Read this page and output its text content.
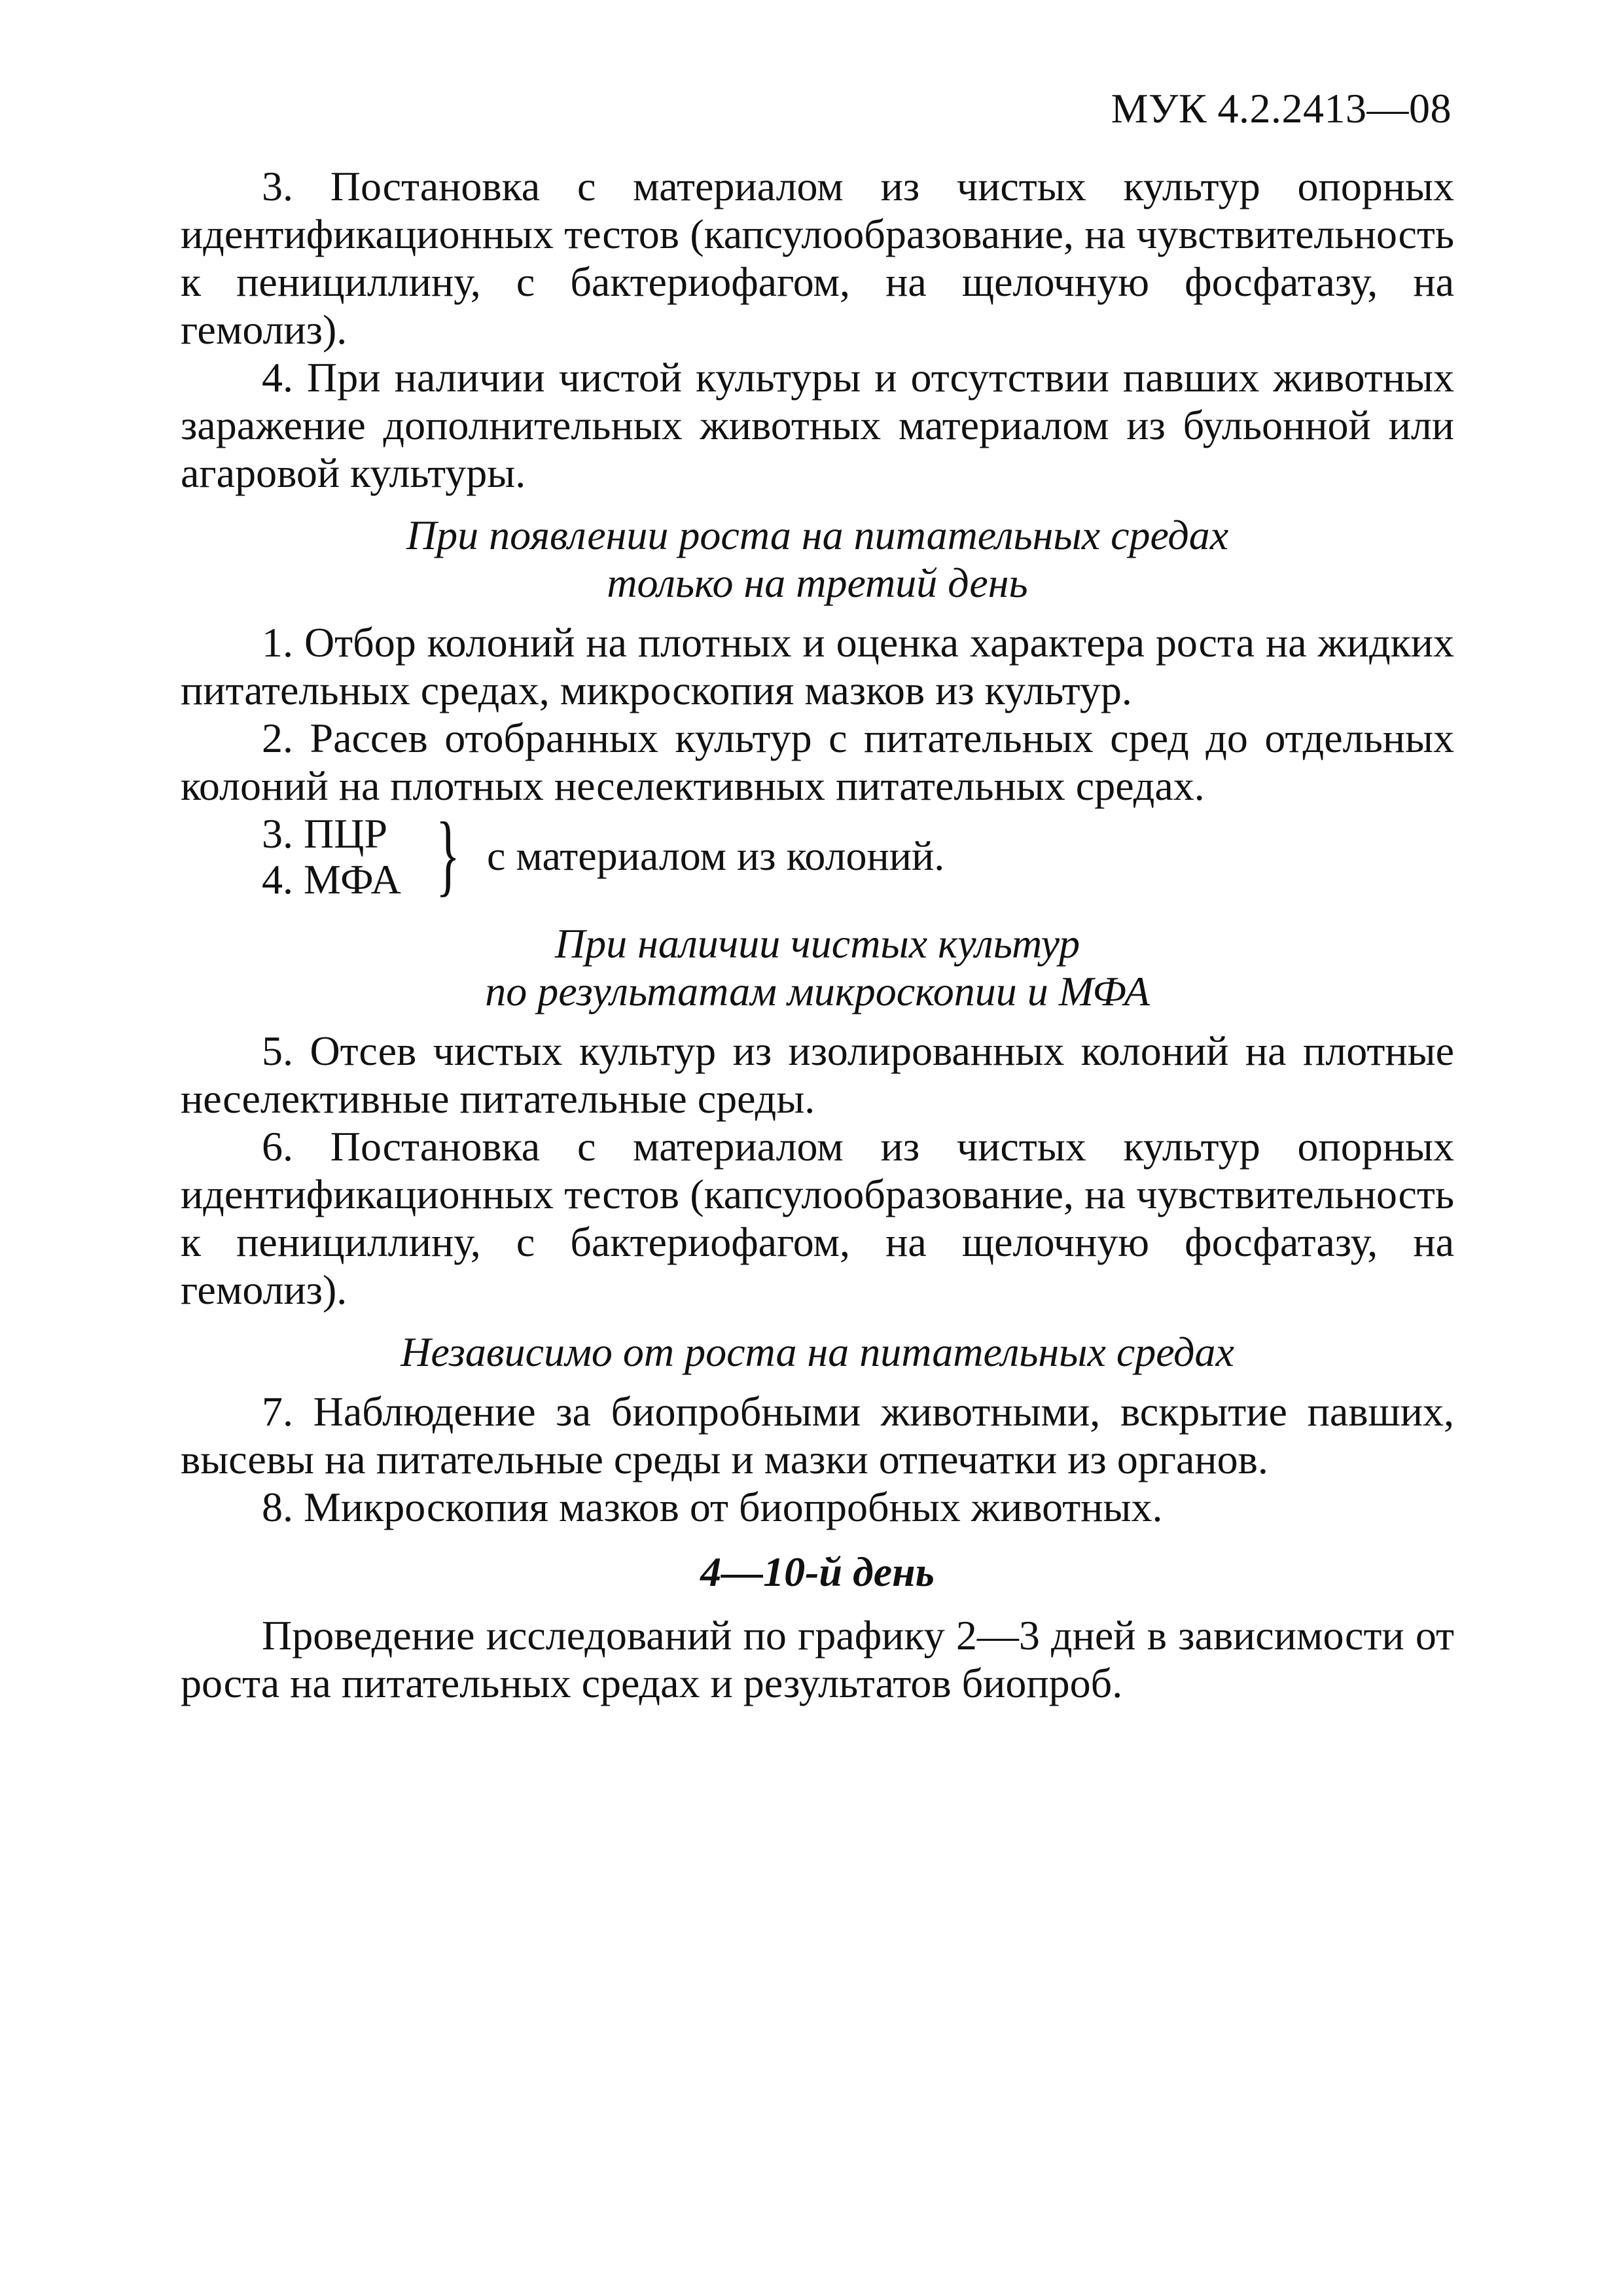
МУК 4.2.2413—08

3. Постановка с материалом из чистых культур опорных идентификационных тестов (капсулообразование, на чувствительность к пенициллину, с бактериофагом, на щелочную фосфатазу, на гемолиз).

4. При наличии чистой культуры и отсутствии павших животных заражение дополнительных животных материалом из бульонной или агаровой культуры.

При появлении роста на питательных средах
только на третий день

1. Отбор колоний на плотных и оценка характера роста на жидких питательных средах, микроскопия мазков из культур.

2. Рассев отобранных культур с питательных сред до отдельных колоний на плотных неселективных питательных средах.

3. ПЦР
4. МФА } с материалом из колоний.
При наличии чистых культур
по результатам микроскопии и МФА

5. Отсев чистых культур из изолированных колоний на плотные неселективные питательные среды.

6. Постановка с материалом из чистых культур опорных идентификационных тестов (капсулообразование, на чувствительность к пенициллину, с бактериофагом, на щелочную фосфатазу, на гемолиз).

Независимо от роста на питательных средах

7. Наблюдение за биопробными животными, вскрытие павших, высевы на питательные среды и мазки отпечатки из органов.

8. Микроскопия мазков от биопробных животных.

4—10-й день

Проведение исследований по графику 2—3 дней в зависимости от роста на питательных средах и результатов биопроб.
